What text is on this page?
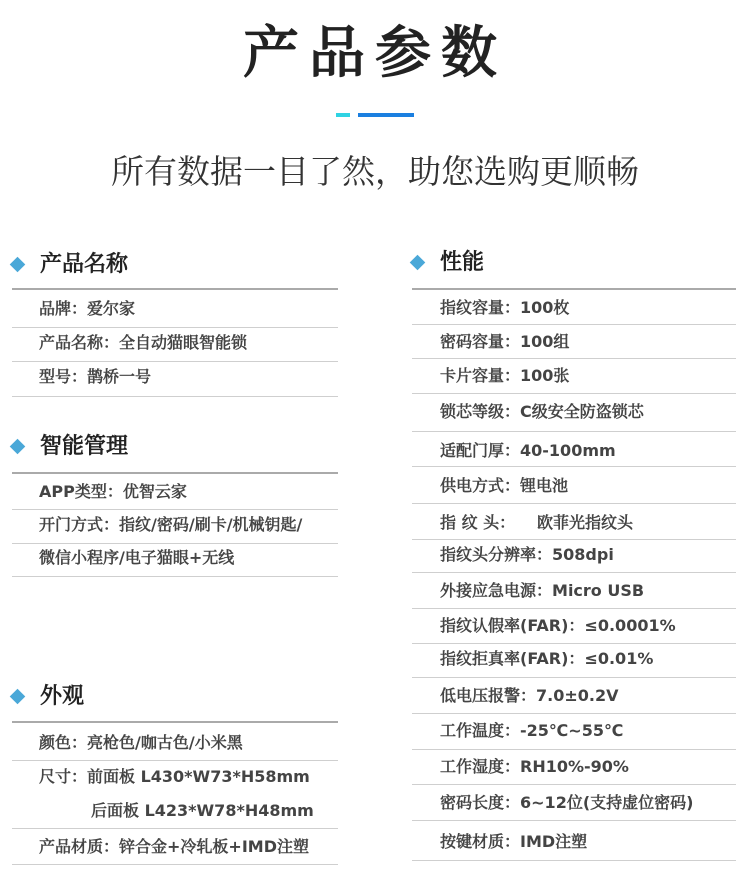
产品参数
所有数据一目了然，助您选购更顺畅
产品名称
品牌：爱尔家
产品名称：全自动猫眼智能锁
型号：鹊桥一号
智能管理
APP类型：优智云家
开门方式：指纹/密码/刷卡/机械钥匙/
微信小程序/电子猫眼+无线
外观
颜色：亮枪色/咖古色/小米黑
尺寸：前面板 L430*W73*H58mm
后面板 L423*W78*H48mm
产品材质：锌合金+冷轧板+IMD注塑
性能
指纹容量：100枚
密码容量：100组
卡片容量：100张
锁芯等级：C级安全防盗锁芯
适配门厚：40-100mm
供电方式：锂电池
指 纹 头： 欧菲光指纹头
指纹头分辨率：508dpi
外接应急电源：Micro USB
指纹认假率(FAR)：≤0.0001%
指纹拒真率(FAR)：≤0.01%
低电压报警：7.0±0.2V
工作温度：-25℃~55℃
工作湿度：RH10%-90%
密码长度：6~12位(支持虚位密码)
按键材质：IMD注塑
